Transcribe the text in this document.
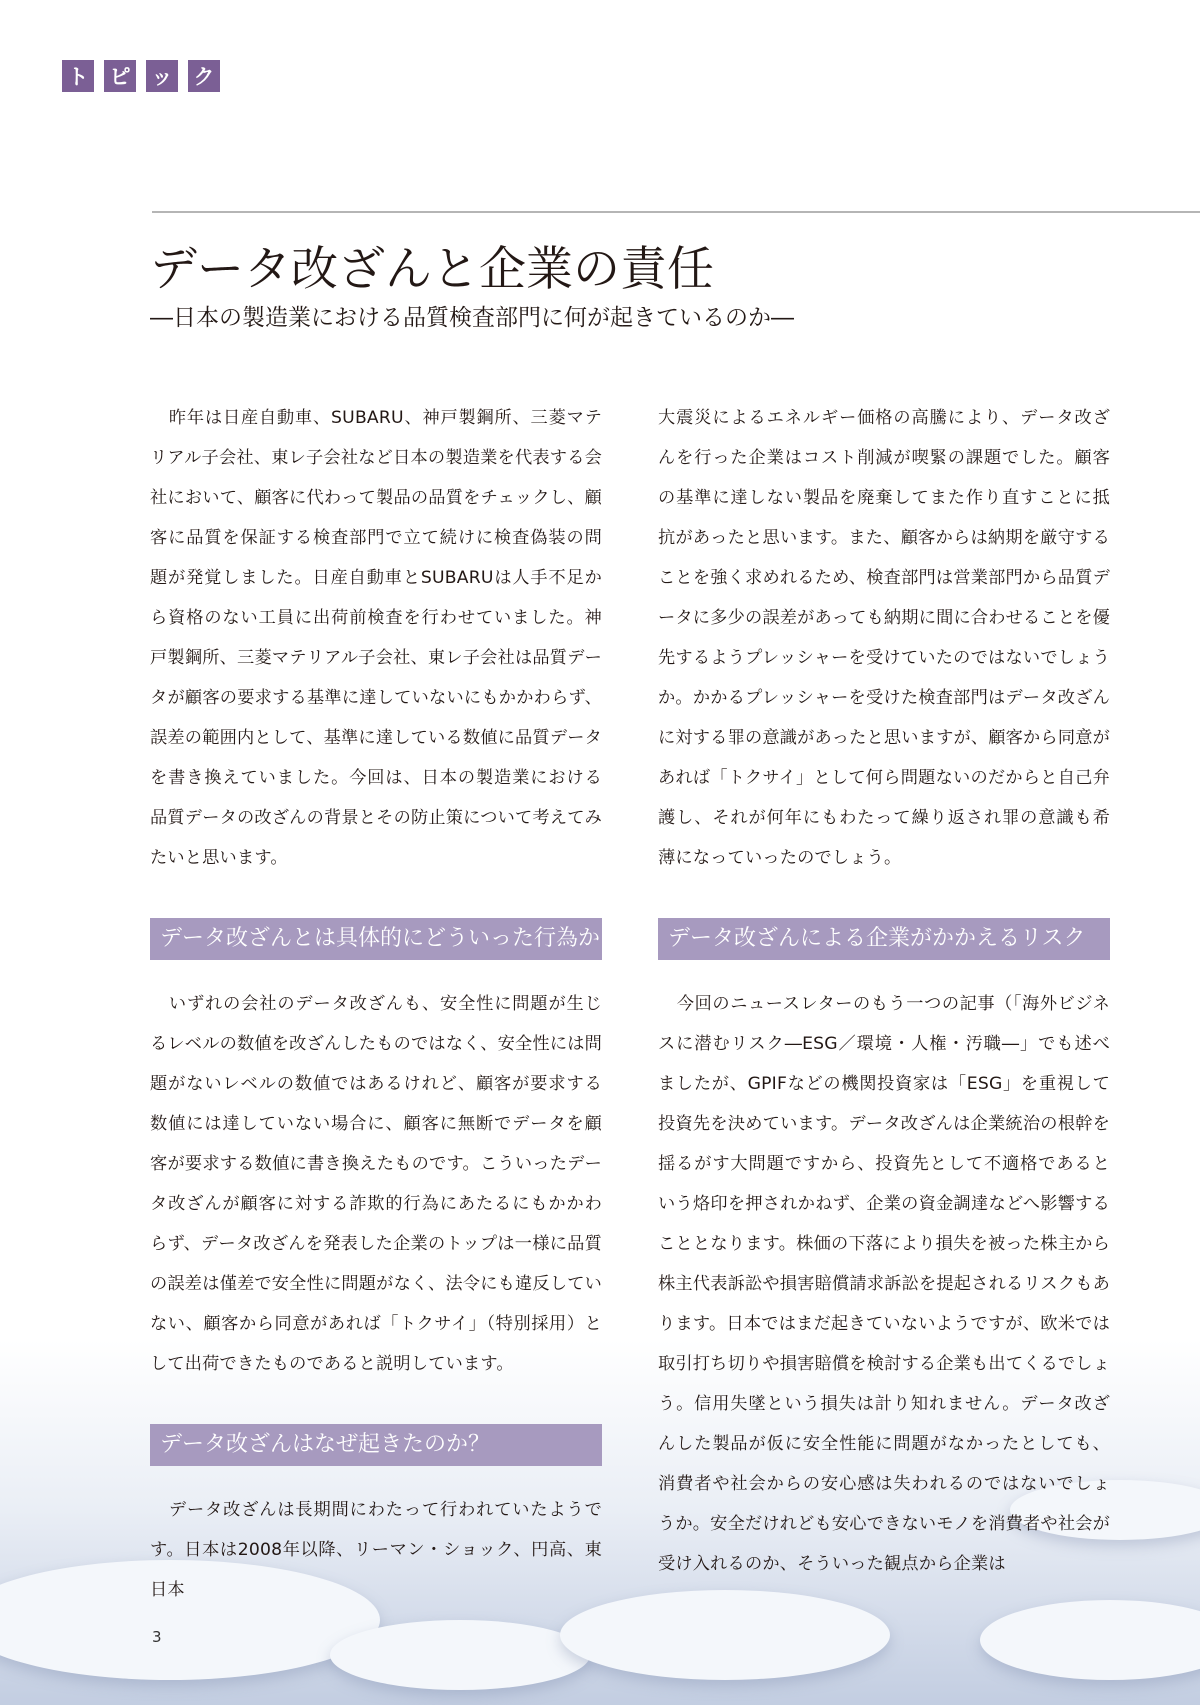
ト ピ ッ ク
データ改ざんと企業の責任
―日本の製造業における品質検査部門に何が起きているのか―

昨年は日産自動車、SUBARU、神戸製鋼所、三菱マテリアル子会社、東レ子会社など日本の製造業を代表する会社において、顧客に代わって製品の品質をチェックし、顧客に品質を保証する検査部門で立て続けに検査偽装の問題が発覚しました。日産自動車とSUBARUは人手不足から資格のない工員に出荷前検査を行わせていました。神戸製鋼所、三菱マテリアル子会社、東レ子会社は品質データが顧客の要求する基準に達していないにもかかわらず、誤差の範囲内として、基準に達している数値に品質データを書き換えていました。今回は、日本の製造業における品質データの改ざんの背景とその防止策について考えてみたいと思います。

データ改ざんとは具体的にどういった行為か

いずれの会社のデータ改ざんも、安全性に問題が生じるレベルの数値を改ざんしたものではなく、安全性には問題がないレベルの数値ではあるけれど、顧客が要求する数値には達していない場合に、顧客に無断でデータを顧客が要求する数値に書き換えたものです。こういったデータ改ざんが顧客に対する詐欺的行為にあたるにもかかわらず、データ改ざんを発表した企業のトップは一様に品質の誤差は僅差で安全性に問題がなく、法令にも違反していない、顧客から同意があれば「トクサイ」（特別採用）として出荷できたものであると説明しています。

データ改ざんはなぜ起きたのか？

データ改ざんは長期間にわたって行われていたようです。日本は2008年以降、リーマン・ショック、円高、東日本

大震災によるエネルギー価格の高騰により、データ改ざんを行った企業はコスト削減が喫緊の課題でした。顧客の基準に達しない製品を廃棄してまた作り直すことに抵抗があったと思います。また、顧客からは納期を厳守することを強く求めれるため、検査部門は営業部門から品質データに多少の誤差があっても納期に間に合わせることを優先するようプレッシャーを受けていたのではないでしょうか。かかるプレッシャーを受けた検査部門はデータ改ざんに対する罪の意識があったと思いますが、顧客から同意があれば「トクサイ」として何ら問題ないのだからと自己弁護し、それが何年にもわたって繰り返され罪の意識も希薄になっていったのでしょう。

データ改ざんによる企業がかかえるリスク

今回のニュースレターのもう一つの記事（「海外ビジネスに潜むリスク―ESG／環境・人権・汚職―」でも述べましたが、GPIFなどの機関投資家は「ESG」を重視して投資先を決めています。データ改ざんは企業統治の根幹を揺るがす大問題ですから、投資先として不適格であるという烙印を押されかねず、企業の資金調達などへ影響することとなります。株価の下落により損失を被った株主から株主代表訴訟や損害賠償請求訴訟を提起されるリスクもあります。日本ではまだ起きていないようですが、欧米では取引打ち切りや損害賠償を検討する企業も出てくるでしょう。信用失墜という損失は計り知れません。データ改ざんした製品が仮に安全性能に問題がなかったとしても、消費者や社会からの安心感は失われるのではないでしょうか。安全だけれども安心できないモノを消費者や社会が受け入れるのか、そういった観点から企業は

3
